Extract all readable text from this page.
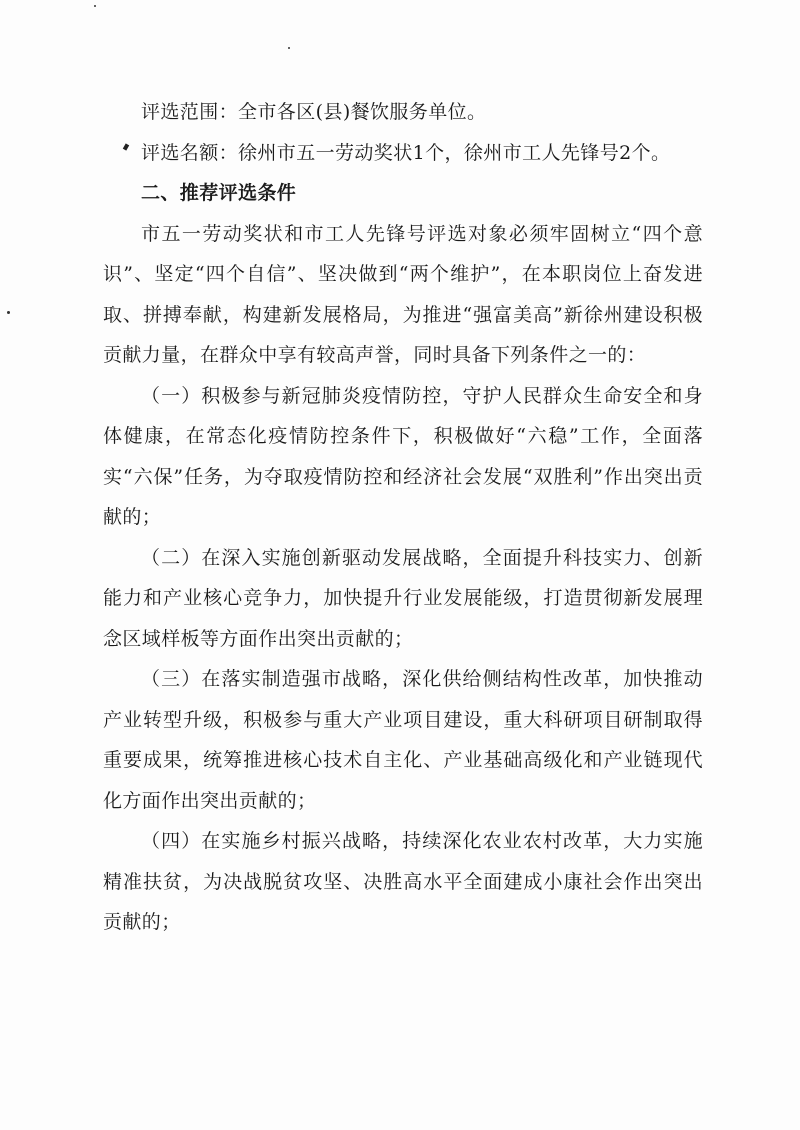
评选范围：全市各区(县)餐饮服务单位。

评选名额：徐州市五一劳动奖状1个，徐州市工人先锋号2个。

二、推荐评选条件

市五一劳动奖状和市工人先锋号评选对象必须牢固树立“四个意识”、坚定“四个自信”、坚决做到“两个维护”，在本职岗位上奋发进取、拼搏奉献，构建新发展格局，为推进“强富美高”新徐州建设积极贡献力量，在群众中享有较高声誉，同时具备下列条件之一的：

（一）积极参与新冠肺炎疫情防控，守护人民群众生命安全和身体健康，在常态化疫情防控条件下，积极做好“六稳”工作，全面落实“六保”任务，为夺取疫情防控和经济社会发展“双胜利”作出突出贡献的；

（二）在深入实施创新驱动发展战略，全面提升科技实力、创新能力和产业核心竞争力，加快提升行业发展能级，打造贯彻新发展理念区域样板等方面作出突出贡献的；

（三）在落实制造强市战略，深化供给侧结构性改革，加快推动产业转型升级，积极参与重大产业项目建设，重大科研项目研制取得重要成果，统筹推进核心技术自主化、产业基础高级化和产业链现代化方面作出突出贡献的；

（四）在实施乡村振兴战略，持续深化农业农村改革，大力实施精准扶贫，为决战脱贫攻坚、决胜高水平全面建成小康社会作出突出贡献的；
